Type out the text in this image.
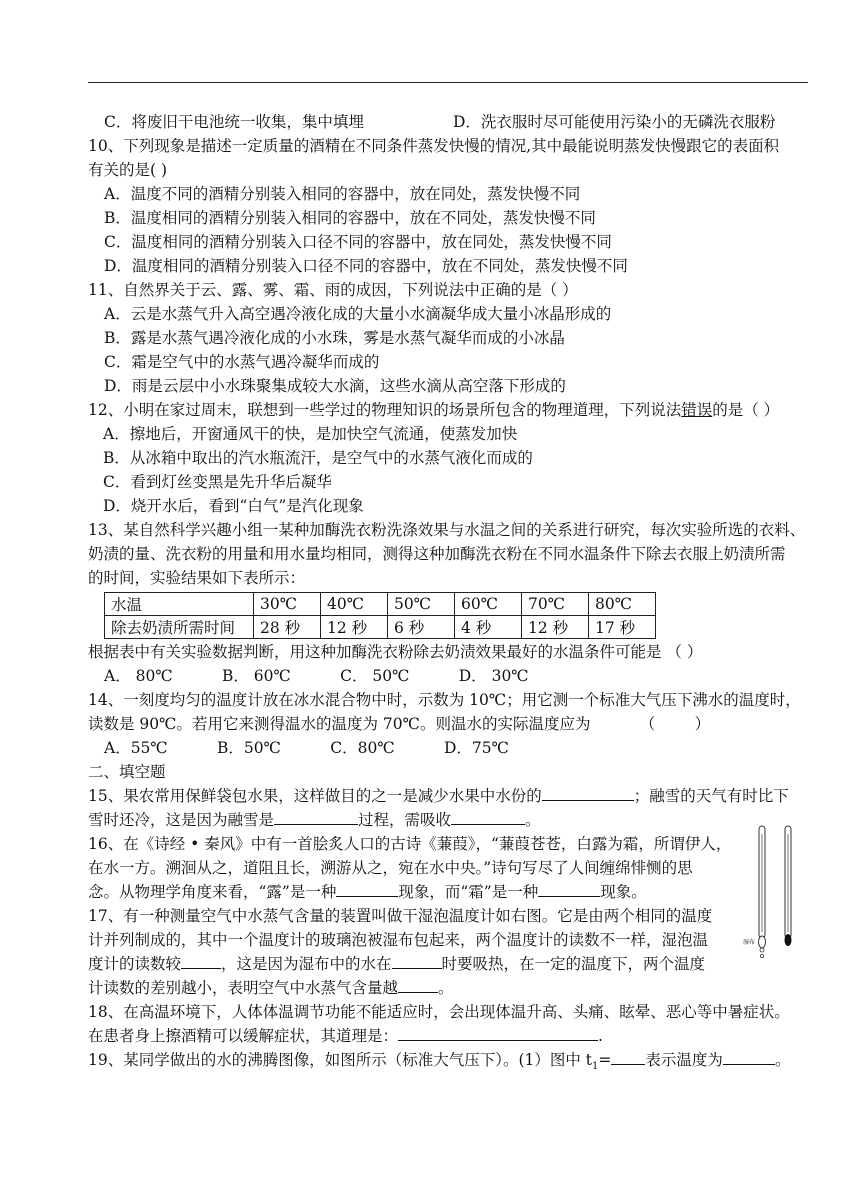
C．将废旧干电池统一收集，集中填埋	D．洗衣服时尽可能使用污染小的无磷洗衣服粉
10、下列现象是描述一定质量的酒精在不同条件蒸发快慢的情况,其中最能说明蒸发快慢跟它的表面积
有关的是( )
A．温度不同的酒精分别装入相同的容器中，放在同处，蒸发快慢不同
B．温度相同的酒精分别装入相同的容器中，放在不同处，蒸发快慢不同
C．温度相同的酒精分别装入口径不同的容器中，放在同处，蒸发快慢不同
D．温度相同的酒精分别装入口径不同的容器中，放在不同处，蒸发快慢不同
11、自然界关于云、露、雾、霜、雨的成因，下列说法中正确的是（ ）
A．云是水蒸气升入高空遇冷液化成的大量小水滴凝华成大量小冰晶形成的
B．露是水蒸气遇冷液化成的小水珠，雾是水蒸气凝华而成的小冰晶
C．霜是空气中的水蒸气遇冷凝华而成的
D．雨是云层中小水珠聚集成较大水滴，这些水滴从高空落下形成的
12、小明在家过周末，联想到一些学过的物理知识的场景所包含的物理道理，下列说法错误的是（ ）
A．擦地后，开窗通风干的快，是加快空气流通，使蒸发加快
B．从冰箱中取出的汽水瓶流汗，是空气中的水蒸气液化而成的
C．看到灯丝变黑是先升华后凝华
D．烧开水后，看到“白气”是汽化现象
13、某自然科学兴趣小组一某种加酶洗衣粉洗涤效果与水温之间的关系进行研究，每次实验所选的衣料、
奶渍的量、洗衣粉的用量和用水量均相同，测得这种加酶洗衣粉在不同水温条件下除去衣服上奶渍所需
的时间，实验结果如下表所示：
水温	30℃	40℃	50℃	60℃	70℃	80℃
除去奶渍所需时间	28 秒	12 秒	6 秒	4 秒	12 秒	17 秒
根据表中有关实验数据判断，用这种加酶洗衣粉除去奶渍效果最好的水温条件可能是 （ ）
A． 80℃          B． 60℃          C． 50℃          D． 30℃
14、一刻度均匀的温度计放在冰水混合物中时，示数为 10℃；用它测一个标准大气压下沸水的温度时，
读数是 90℃。若用它来测得温水的温度为 70℃。则温水的实际温度应为          （        ）
A．55℃          B．50℃          C．80℃          D．75℃
二、填空题
15、果农常用保鲜袋包水果，这样做目的之一是减少水果中水份的	；融雪的天气有时比下
雪时还冷，这是因为融雪是	过程，需吸收	。
16、在《诗经 • 秦风》中有一首脍炙人口的古诗《蒹葭》，“蒹葭苍苍，白露为霜，所谓伊人，
在水一方。溯洄从之，道阻且长，溯游从之，宛在水中央。”诗句写尽了人间缠绵悱恻的思
念。从物理学角度来看，“露”是一种	现象，而“霜”是一种	现象。
17、有一种测量空气中水蒸气含量的装置叫做干湿泡温度计如右图。它是由两个相同的温度
计并列制成的，其中一个温度计的玻璃泡被湿布包起来，两个温度计的读数不一样，湿泡温
度计的读数较	，这是因为湿布中的水在	时要吸热，在一定的温度下，两个温度
计读数的差别越小，表明空气中水蒸气含量越	。
18、在高温环境下，人体体温调节功能不能适应时，会出现体温升高、头痛、眩晕、恶心等中暑症状。
在患者身上擦酒精可以缓解症状，其道理是：	.
19、某同学做出的水的沸腾图像，如图所示（标准大气压下）。(1）图中 $t_1=$ 表示温度为	。
湿布
